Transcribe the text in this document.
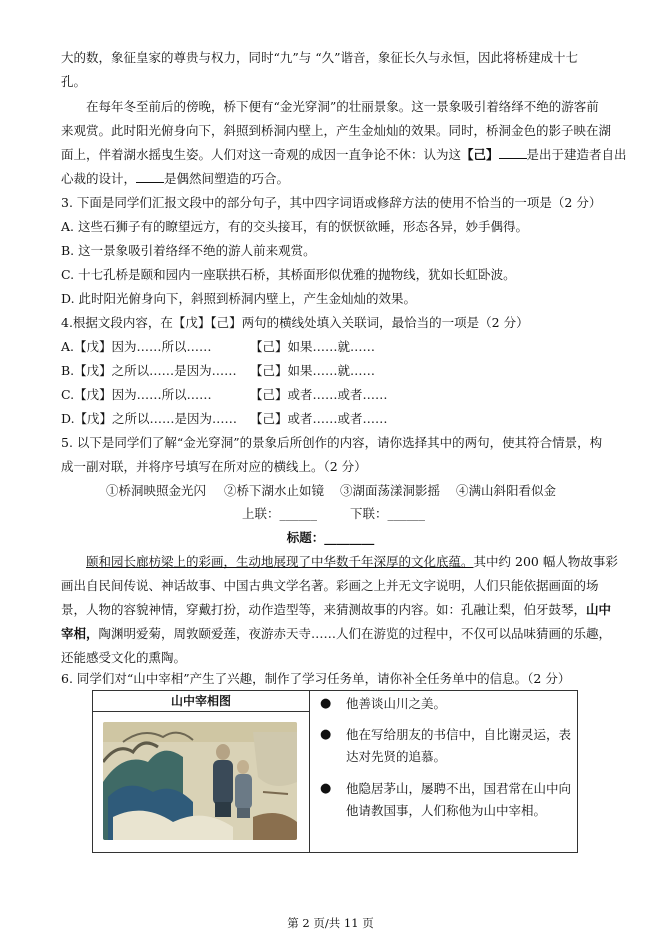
大的数，象征皇家的尊贵与权力，同时“九”与 “久”谐音，象征长久与永恒，因此将桥建成十七
孔。
在每年冬至前后的傍晚，桥下便有“金光穿洞”的壮丽景象。这一景象吸引着络绎不绝的游客前
来观赏。此时阳光俯身向下，斜照到桥洞内壁上，产生金灿灿的效果。同时，桥洞金色的影子映在湖
面上，伴着湖水摇曳生姿。人们对这一奇观的成因一直争论不休：认为这【己】 是出于建造者自出
心裁的设计， 是偶然间塑造的巧合。
3. 下面是同学们汇报文段中的部分句子，其中四字词语或修辞方法的使用不恰当的一项是（2 分）
A. 这些石狮子有的瞭望远方，有的交头接耳，有的恹恹欲睡，形态各异，妙手偶得。
B. 这一景象吸引着络绎不绝的游人前来观赏。
C. 十七孔桥是颐和园内一座联拱石桥，其桥面形似优雅的抛物线，犹如长虹卧波。
D. 此时阳光俯身向下，斜照到桥洞内壁上，产生金灿灿的效果。
4.根据文段内容，在【戊】【己】两句的横线处填入关联词，最恰当的一项是（2 分）
A.【戊】因为……所以……	【己】如果……就……
B.【戊】之所以……是因为…… 【己】如果……就……
C.【戊】因为……所以……	【己】或者……或者……
D.【戊】之所以……是因为…… 【己】或者……或者……
5. 以下是同学们了解“金光穿洞”的景象后所创作的内容，请你选择其中的两句，使其符合情景，构
成一副对联，并将序号填写在所对应的横线上。（2 分）
①桥洞映照金光闪 ②桥下湖水止如镜 ③湖面荡漾洞影摇 ④满山斜阳看似金
上联：______	下联：______
标题：________
颐和园长廊枋梁上的彩画，生动地展现了中华数千年深厚的文化底蕴。其中约 200 幅人物故事彩
画出自民间传说、神话故事、中国古典文学名著。彩画之上并无文字说明，人们只能依据画面的场
景，人物的容貌神情，穿戴打扮，动作造型等，来猜测故事的内容。如：孔融让梨，伯牙鼓琴，山中
宰相，陶渊明爱菊，周敦颐爱莲，夜游赤天寺……人们在游览的过程中，不仅可以品味猜画的乐趣，
还能感受文化的熏陶。
6. 同学们对“山中宰相”产生了兴趣，制作了学习任务单，请你补全任务单中的信息。（2 分）
山中宰相图	● 他善谈山川之美。
● 他在写给朋友的书信中，自比谢灵运，表
达对先贤的追慕。
● 他隐居茅山，屡聘不出，国君常在山中向
他请教国事，人们称他为山中宰相。
第 2 页/共 11 页
